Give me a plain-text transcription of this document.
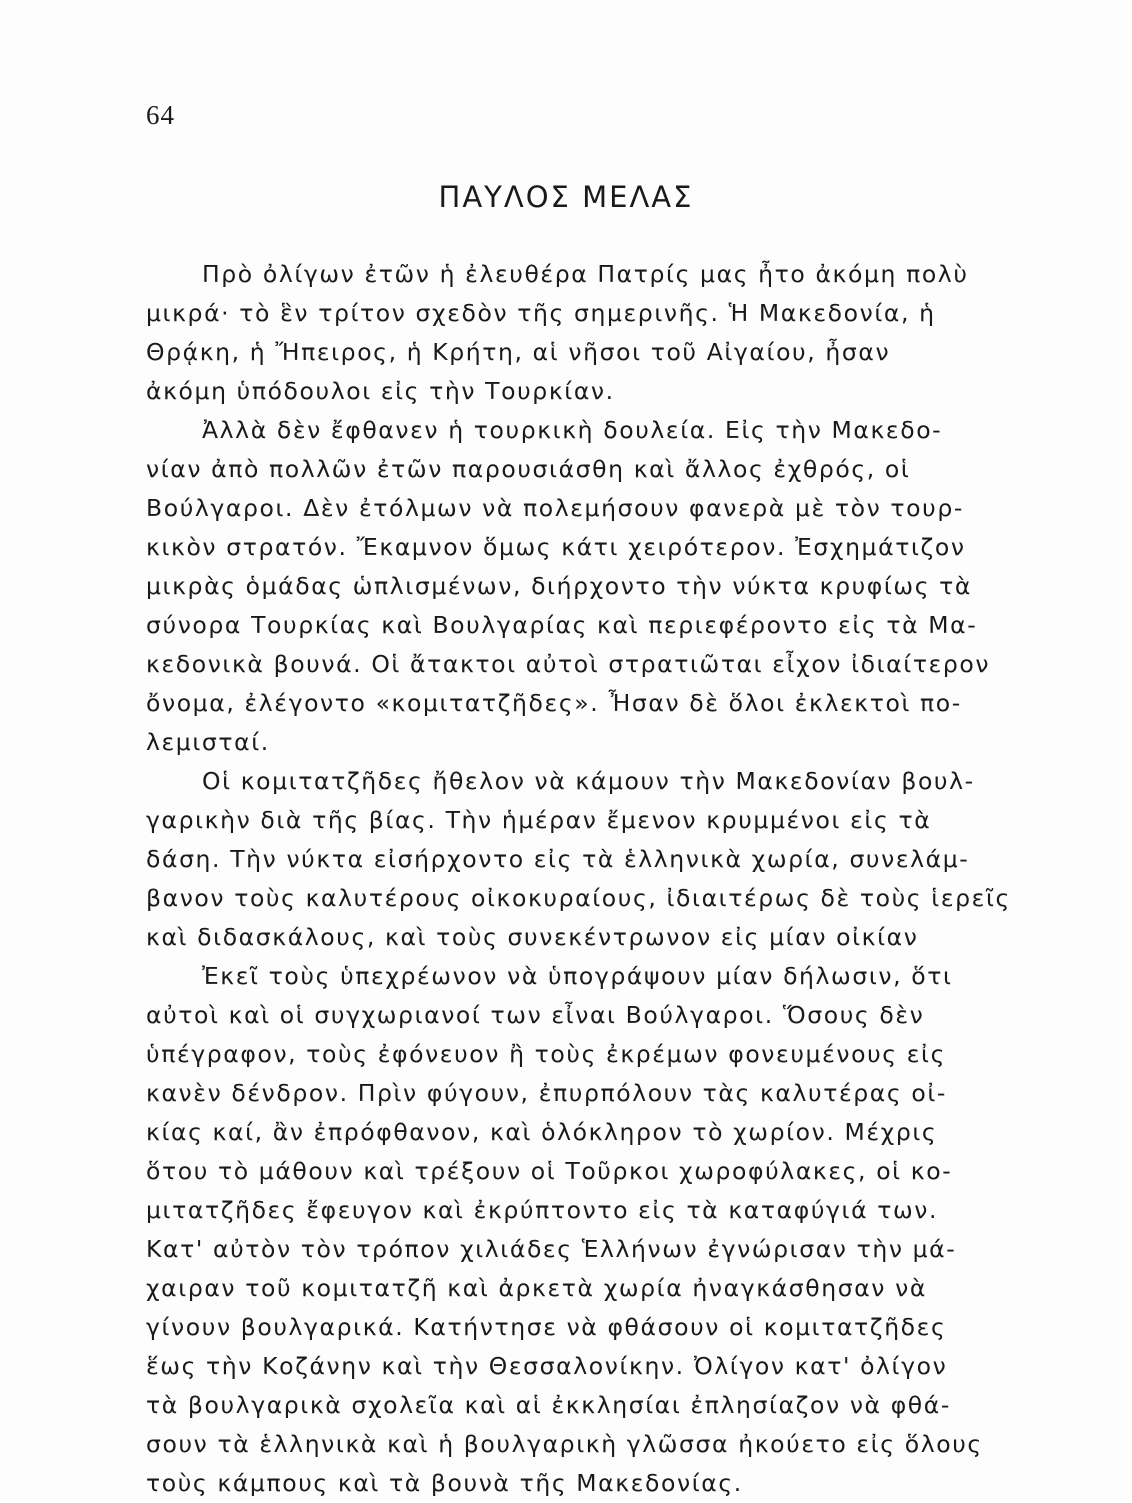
64
ΠΑΥΛΟΣ ΜΕΛΑΣ
Πρὸ ὀλίγων ἐτῶν ἡ ἐλευθέρα Πατρίς μας ἦτο ἀκόμη πολὺ
μικρά· τὸ ἓν τρίτον σχεδὸν τῆς σημερινῆς. Ἡ Μακεδονία, ἡ
Θρᾴκη, ἡ Ἤπειρος, ἡ Κρήτη, αἱ νῆσοι τοῦ Αἰγαίου, ἦσαν
ἀκόμη ὑπόδουλοι εἰς τὴν Τουρκίαν.
Ἀλλὰ δὲν ἔφθανεν ἡ τουρκικὴ δουλεία. Εἰς τὴν Μακεδο-
νίαν ἀπὸ πολλῶν ἐτῶν παρουσιάσθη καὶ ἄλλος ἐχθρός, οἱ
Βούλγαροι. Δὲν ἐτόλμων νὰ πολεμήσουν φανερὰ μὲ τὸν τουρ-
κικὸν στρατόν. Ἔκαμνον ὅμως κάτι χειρότερον. Ἐσχημάτιζον
μικρὰς ὁμάδας ὡπλισμένων, διήρχοντο τὴν νύκτα κρυφίως τὰ
σύνορα Τουρκίας καὶ Βουλγαρίας καὶ περιεφέροντο εἰς τὰ Μα-
κεδονικὰ βουνά. Οἱ ἄτακτοι αὐτοὶ στρατιῶται εἶχον ἰδιαίτερον
ὄνομα, ἐλέγοντο «κομιτατζῆδες». Ἦσαν δὲ ὅλοι ἐκλεκτοὶ πο-
λεμισταί.
Οἱ κομιτατζῆδες ἤθελον νὰ κάμουν τὴν Μακεδονίαν βουλ-
γαρικὴν διὰ τῆς βίας. Τὴν ἡμέραν ἔμενον κρυμμένοι εἰς τὰ
δάση. Τὴν νύκτα εἰσήρχοντο εἰς τὰ ἑλληνικὰ χωρία, συνελάμ-
βανον τοὺς καλυτέρους οἰκοκυραίους, ἰδιαιτέρως δὲ τοὺς ἱερεῖς
καὶ διδασκάλους, καὶ τοὺς συνεκέντρωνον εἰς μίαν οἰκίαν
Ἐκεῖ τοὺς ὑπεχρέωνον νὰ ὑπογράψουν μίαν δήλωσιν, ὅτι
αὐτοὶ καὶ οἱ συγχωριανοί των εἶναι Βούλγαροι. Ὅσους δὲν
ὑπέγραφον, τοὺς ἐφόνευον ἢ τοὺς ἐκρέμων φονευμένους εἰς
κανὲν δένδρον. Πρὶν φύγουν, ἐπυρπόλουν τὰς καλυτέρας οἰ-
κίας καί, ἂν ἐπρόφθανον, καὶ ὁλόκληρον τὸ χωρίον. Μέχρις
ὅτου τὸ μάθουν καὶ τρέξουν οἱ Τοῦρκοι χωροφύλακες, οἱ κο-
μιτατζῆδες ἔφευγον καὶ ἐκρύπτοντο εἰς τὰ καταφύγιά των.
Κατ' αὐτὸν τὸν τρόπον χιλιάδες Ἑλλήνων ἐγνώρισαν τὴν μά-
χαιραν τοῦ κομιτατζῆ καὶ ἀρκετὰ χωρία ἠναγκάσθησαν νὰ
γίνουν βουλγαρικά. Κατήντησε νὰ φθάσουν οἱ κομιτατζῆδες
ἕως τὴν Κοζάνην καὶ τὴν Θεσσαλονίκην. Ὀλίγον κατ' ὀλίγον
τὰ βουλγαρικὰ σχολεῖα καὶ αἱ ἐκκλησίαι ἐπλησίαζον νὰ φθά-
σουν τὰ ἑλληνικὰ καὶ ἡ βουλγαρικὴ γλῶσσα ἠκούετο εἰς ὅλους
τοὺς κάμπους καὶ τὰ βουνὰ τῆς Μακεδονίας.
